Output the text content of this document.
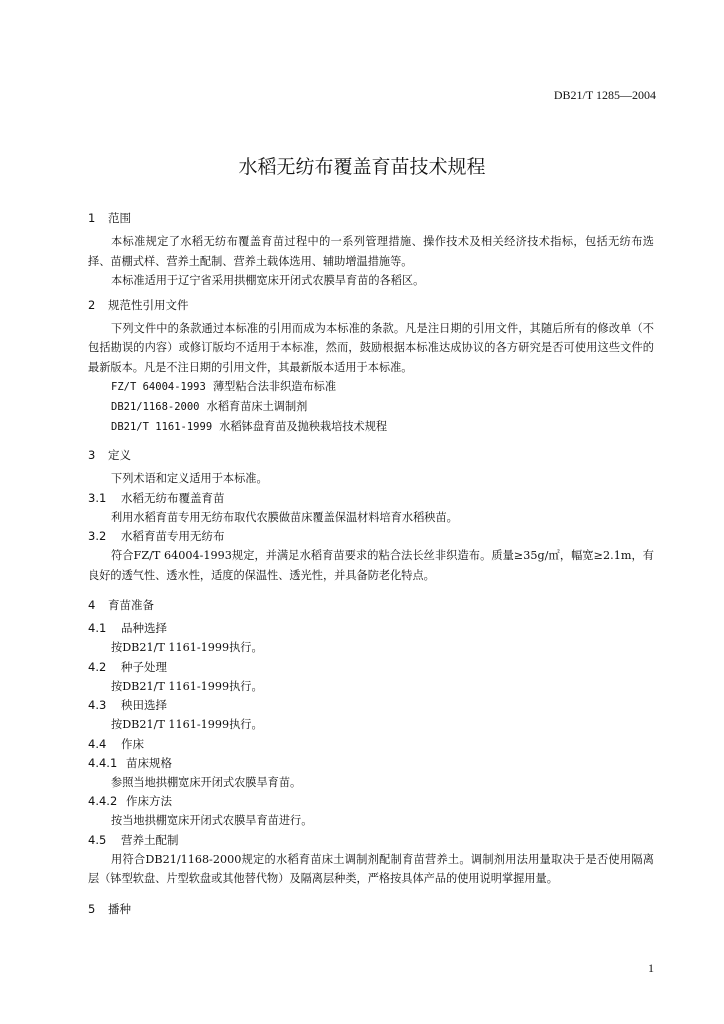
DB21/T 1285—2004
水稻无纺布覆盖育苗技术规程
1 范围

本标准规定了水稻无纺布覆盖育苗过程中的一系列管理措施、操作技术及相关经济技术指标，包括无纺布选择、苗棚式样、营养土配制、营养土载体选用、辅助增温措施等。

本标准适用于辽宁省采用拱棚宽床开闭式农膜旱育苗的各稻区。

2 规范性引用文件

下列文件中的条款通过本标准的引用而成为本标准的条款。凡是注日期的引用文件，其随后所有的修改单（不包括勘误的内容）或修订版均不适用于本标准，然而，鼓励根据本标准达成协议的各方研究是否可使用这些文件的最新版本。凡是不注日期的引用文件，其最新版本适用于本标准。

FZ/T 64004-1993 薄型粘合法非织造布标准

DB21/1168-2000 水稻育苗床土调制剂

DB21/T 1161-1999 水稻钵盘育苗及抛秧栽培技术规程

3 定义

下列术语和定义适用于本标准。

3.1 水稻无纺布覆盖育苗

利用水稻育苗专用无纺布取代农膜做苗床覆盖保温材料培育水稻秧苗。

3.2 水稻育苗专用无纺布

符合FZ/T 64004-1993规定，并满足水稻育苗要求的粘合法长丝非织造布。质量≥35g/㎡，幅宽≥2.1m，有良好的透气性、透水性，适度的保温性、透光性，并具备防老化特点。

4 育苗准备
4.1 品种选择

按DB21/T 1161-1999执行。

4.2 种子处理

按DB21/T 1161-1999执行。

4.3 秧田选择

按DB21/T 1161-1999执行。

4.4 作床
4.4.1 苗床规格

参照当地拱棚宽床开闭式农膜旱育苗。

4.4.2 作床方法

按当地拱棚宽床开闭式农膜旱育苗进行。

4.5 营养土配制

用符合DB21/1168-2000规定的水稻育苗床土调制剂配制育苗营养土。调制剂用法用量取决于是否使用隔离层（钵型软盘、片型软盘或其他替代物）及隔离层种类，严格按具体产品的使用说明掌握用量。

5 播种
1
